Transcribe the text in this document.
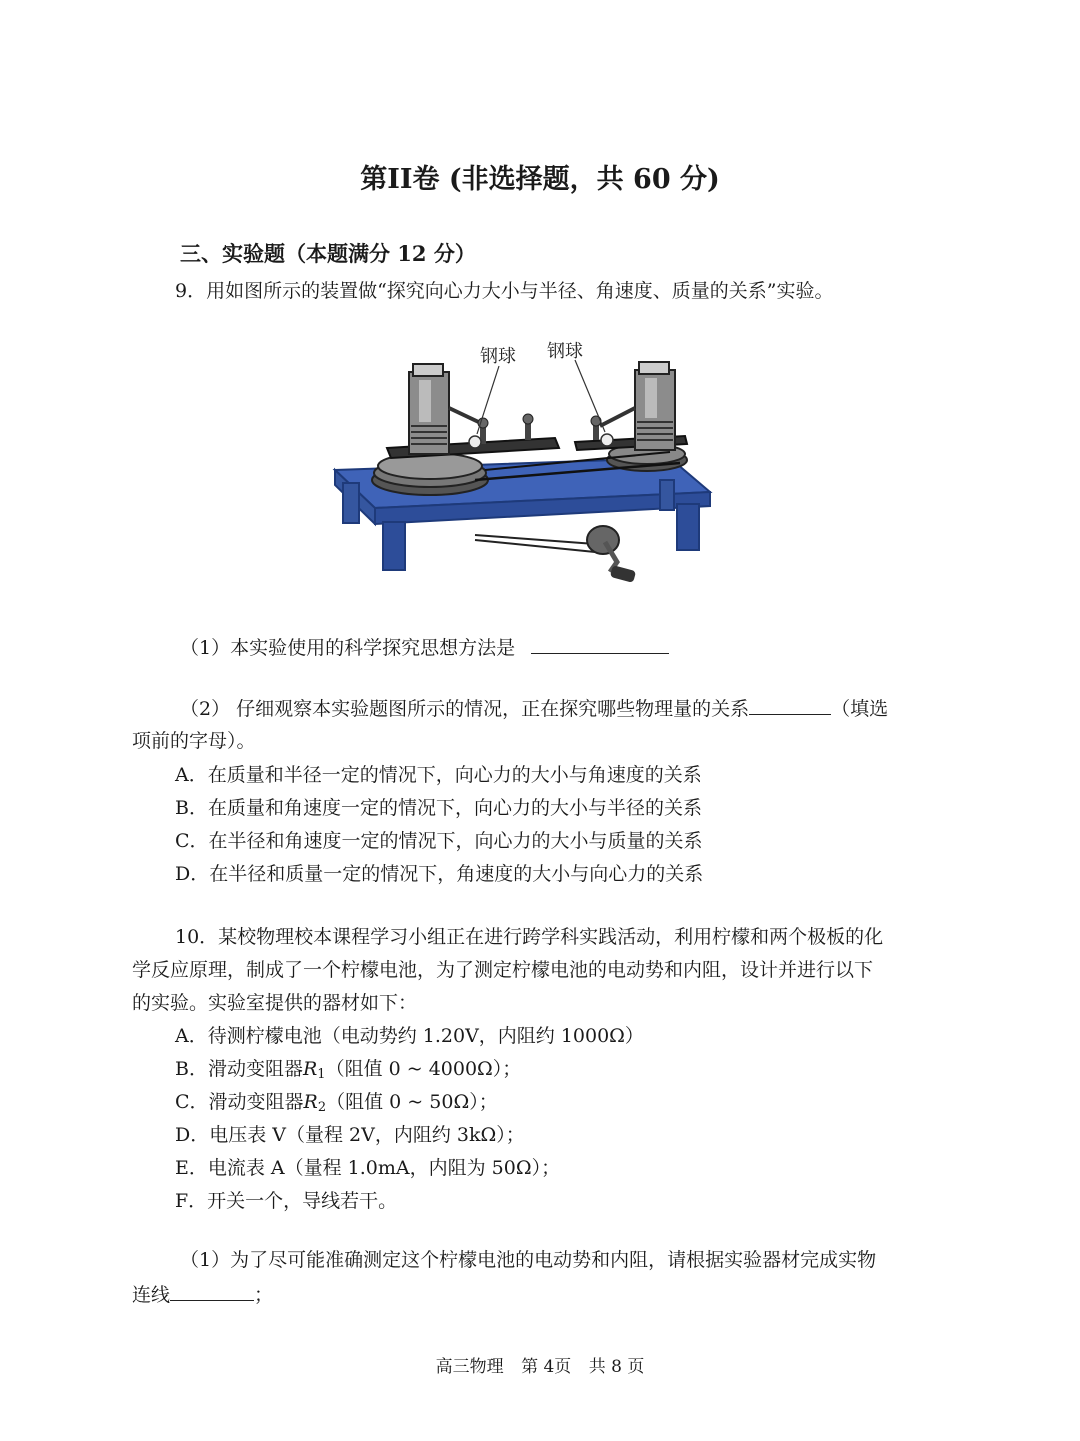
第II卷 (非选择题，共 60 分)
三、实验题（本题满分 12 分）
9．用如图所示的装置做“探究向心力大小与半径、角速度、质量的关系”实验。
钢球 钢球
（1）本实验使用的科学探究思想方法是
（2） 仔细观察本实验题图所示的情况，正在探究哪些物理量的关系	（填选
项前的字母）。
A．在质量和半径一定的情况下，向心力的大小与角速度的关系
B．在质量和角速度一定的情况下，向心力的大小与半径的关系
C．在半径和角速度一定的情况下，向心力的大小与质量的关系
D．在半径和质量一定的情况下，角速度的大小与向心力的关系
10．某校物理校本课程学习小组正在进行跨学科实践活动，利用柠檬和两个极板的化
学反应原理，制成了一个柠檬电池，为了测定柠檬电池的电动势和内阻，设计并进行以下
的实验。实验室提供的器材如下：
A．待测柠檬电池（电动势约 1.20V，内阻约 1000Ω）
B．滑动变阻器$R_1$（阻值 0 ~ 4000Ω）；
C．滑动变阻器$R_2$（阻值 0 ~ 50Ω）；
D．电压表 V（量程 2V，内阻约 3kΩ）；
E．电流表 A（量程 1.0mA，内阻为 50Ω）；
F．开关一个，导线若干。
（1）为了尽可能准确测定这个柠檬电池的电动势和内阻，请根据实验器材完成实物
连线	；
高三物理 第 4页 共 8 页
